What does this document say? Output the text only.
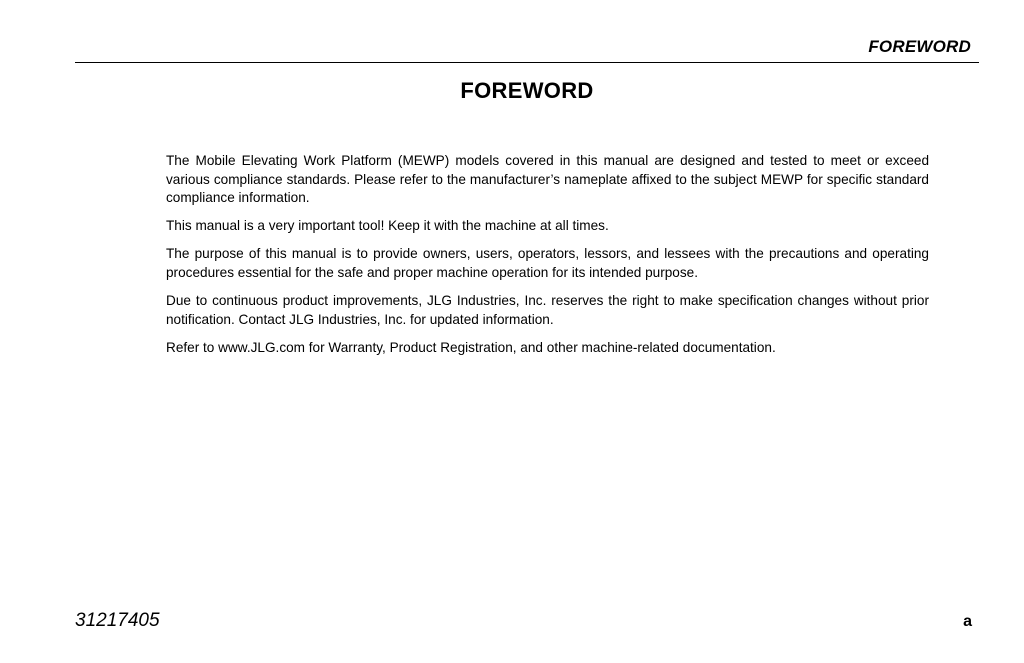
FOREWORD
FOREWORD

The Mobile Elevating Work Platform (MEWP) models covered in this manual are designed and tested to meet or exceed various compliance standards. Please refer to the manufacturer’s nameplate affixed to the subject MEWP for specific standard compliance information.

This manual is a very important tool! Keep it with the machine at all times.

The purpose of this manual is to provide owners, users, operators, lessors, and lessees with the precautions and operating procedures essential for the safe and proper machine operation for its intended purpose.

Due to continuous product improvements, JLG Industries, Inc. reserves the right to make specification changes without prior notification. Contact JLG Industries, Inc. for updated information.

Refer to www.JLG.com for Warranty, Product Registration, and other machine-related documentation.

31217405	a
